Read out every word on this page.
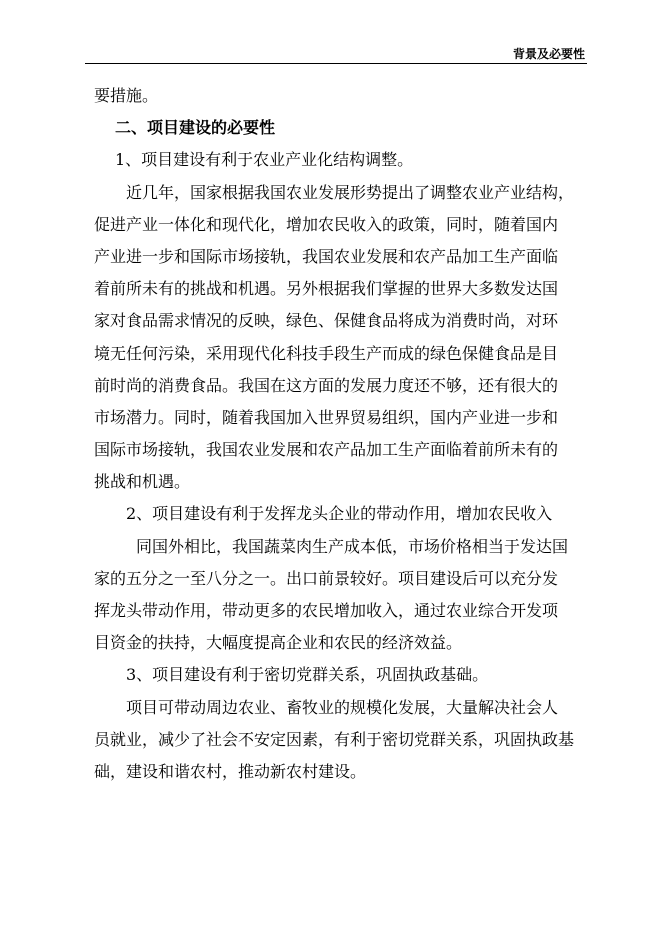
背景及必要性
要措施。
二、项目建设的必要性
1、项目建设有利于农业产业化结构调整。
近几年，国家根据我国农业发展形势提出了调整农业产业结构，
促进产业一体化和现代化，增加农民收入的政策，同时，随着国内
产业进一步和国际市场接轨，我国农业发展和农产品加工生产面临
着前所未有的挑战和机遇。另外根据我们掌握的世界大多数发达国
家对食品需求情况的反映，绿色、保健食品将成为消费时尚，对环
境无任何污染，采用现代化科技手段生产而成的绿色保健食品是目
前时尚的消费食品。我国在这方面的发展力度还不够，还有很大的
市场潜力。同时，随着我国加入世界贸易组织，国内产业进一步和
国际市场接轨，我国农业发展和农产品加工生产面临着前所未有的
挑战和机遇。
2、项目建设有利于发挥龙头企业的带动作用，增加农民收入
同国外相比，我国蔬菜肉生产成本低，市场价格相当于发达国
家的五分之一至八分之一。出口前景较好。项目建设后可以充分发
挥龙头带动作用，带动更多的农民增加收入，通过农业综合开发项
目资金的扶持，大幅度提高企业和农民的经济效益。
3、项目建设有利于密切党群关系，巩固执政基础。
项目可带动周边农业、畜牧业的规模化发展，大量解决社会人
员就业，减少了社会不安定因素，有利于密切党群关系，巩固执政基
础，建设和谐农村，推动新农村建设。
